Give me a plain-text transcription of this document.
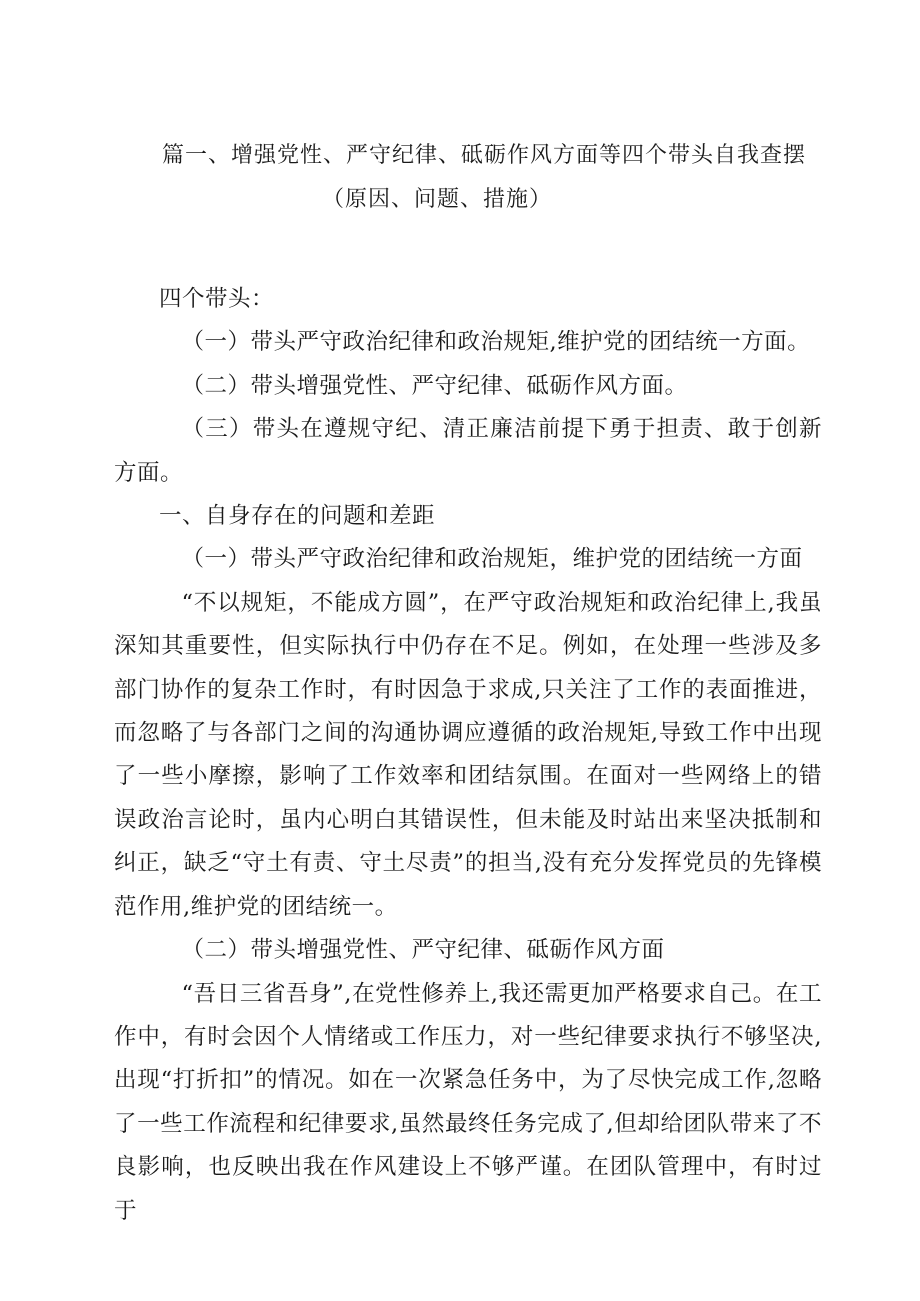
篇一、增强党性、严守纪律、砥砺作风方面等四个带头自我查摆
（原因、问题、措施）

四个带头：

（一）带头严守政治纪律和政治规矩,维护党的团结统一方面。

（二）带头增强党性、严守纪律、砥砺作风方面。

（三）带头在遵规守纪、清正廉洁前提下勇于担责、敢于创新方面。

一、自身存在的问题和差距

（一）带头严守政治纪律和政治规矩，维护党的团结统一方面

“不以规矩，不能成方圆”，在严守政治规矩和政治纪律上,我虽深知其重要性，但实际执行中仍存在不足。例如，在处理一些涉及多部门协作的复杂工作时，有时因急于求成,只关注了工作的表面推进，而忽略了与各部门之间的沟通协调应遵循的政治规矩,导致工作中出现了一些小摩擦，影响了工作效率和团结氛围。在面对一些网络上的错误政治言论时，虽内心明白其错误性，但未能及时站出来坚决抵制和纠正，缺乏“守土有责、守土尽责”的担当,没有充分发挥党员的先锋模范作用,维护党的团结统一。

（二）带头增强党性、严守纪律、砥砺作风方面

“吾日三省吾身”,在党性修养上,我还需更加严格要求自己。在工作中，有时会因个人情绪或工作压力，对一些纪律要求执行不够坚决,出现“打折扣”的情况。如在一次紧急任务中，为了尽快完成工作,忽略了一些工作流程和纪律要求,虽然最终任务完成了,但却给团队带来了不良影响，也反映出我在作风建设上不够严谨。在团队管理中，有时过于
